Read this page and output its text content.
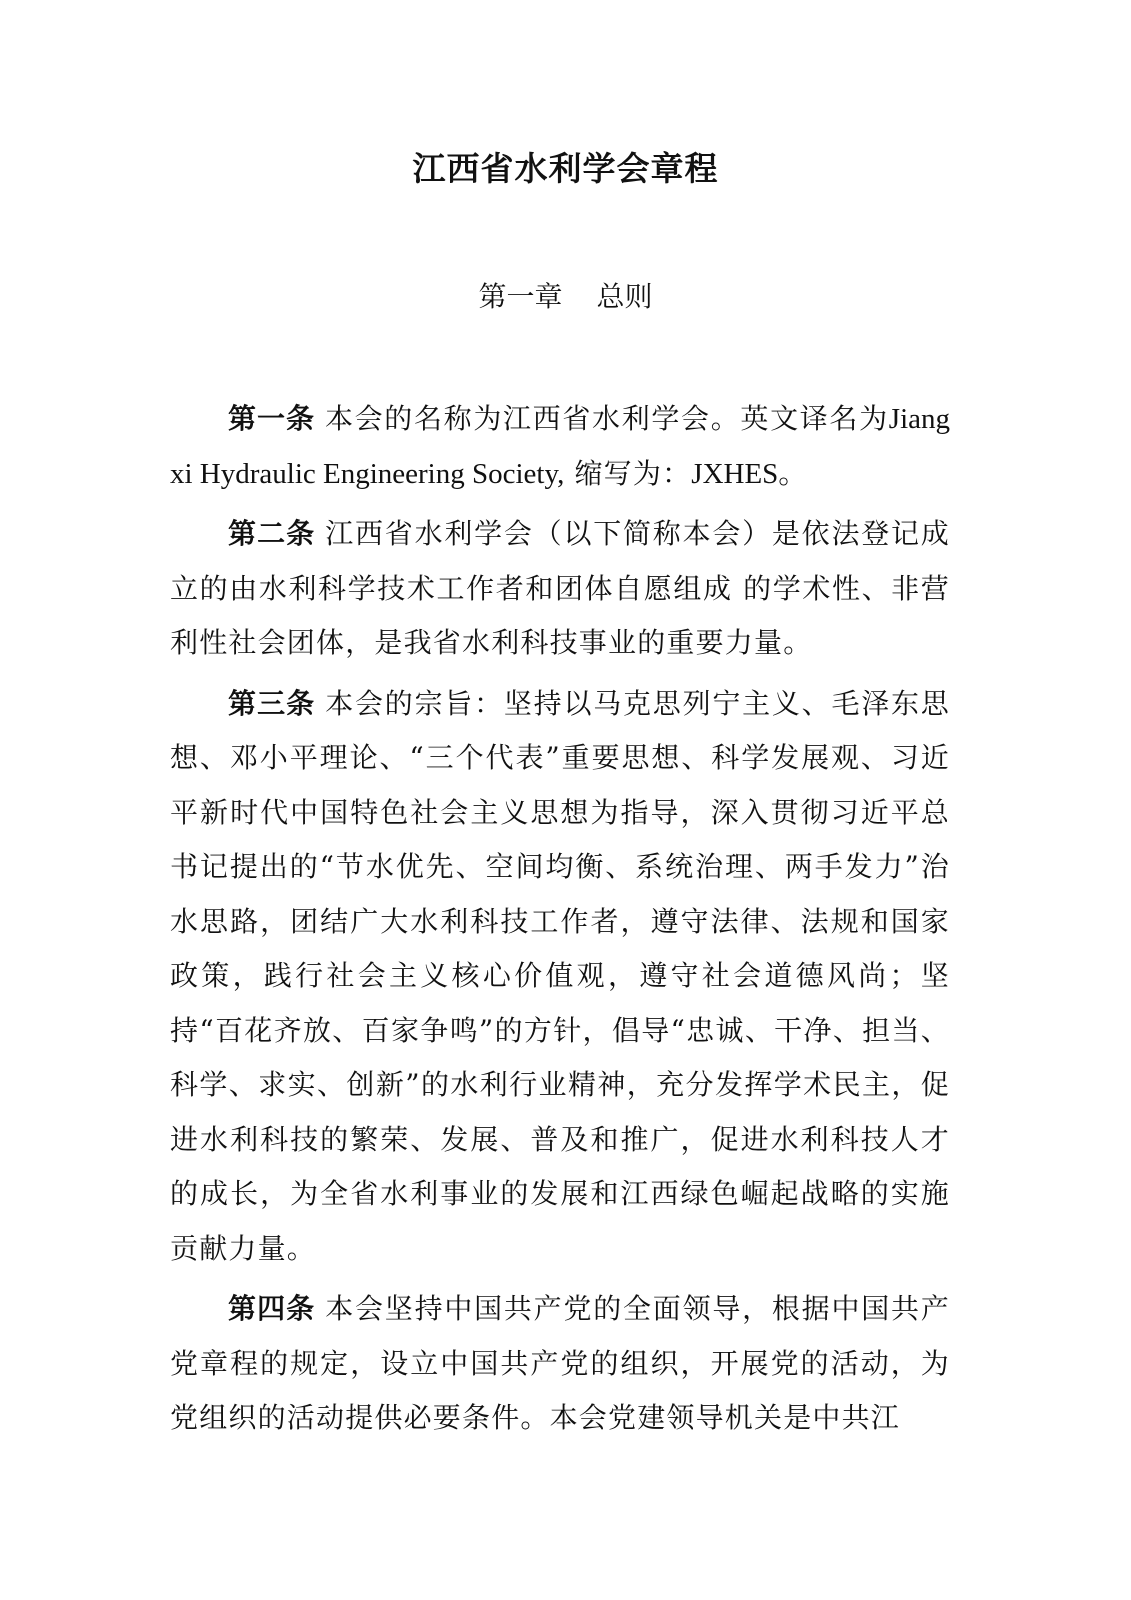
江西省水利学会章程
第一章 总则

第一条 本会的名称为江西省水利学会。英文译名为Jiangxi Hydraulic Engineering Society, 缩写为：JXHES。

第二条 江西省水利学会（以下简称本会）是依法登记成立的由水利科学技术工作者和团体自愿组成 的学术性、非营利性社会团体，是我省水利科技事业的重要力量。

第三条 本会的宗旨：坚持以马克思列宁主义、毛泽东思想、邓小平理论、“三个代表”重要思想、科学发展观、习近平新时代中国特色社会主义思想为指导，深入贯彻习近平总书记提出的“节水优先、空间均衡、系统治理、两手发力”治水思路，团结广大水利科技工作者，遵守法律、法规和国家政策，践行社会主义核心价值观，遵守社会道德风尚；坚持“百花齐放、百家争鸣”的方针，倡导“忠诚、干净、担当、科学、求实、创新”的水利行业精神，充分发挥学术民主，促进水利科技的繁荣、发展、普及和推广，促进水利科技人才的成长，为全省水利事业的发展和江西绿色崛起战略的实施贡献力量。

第四条 本会坚持中国共产党的全面领导，根据中国共产党章程的规定，设立中国共产党的组织，开展党的活动，为党组织的活动提供必要条件。本会党建领导机关是中共江
